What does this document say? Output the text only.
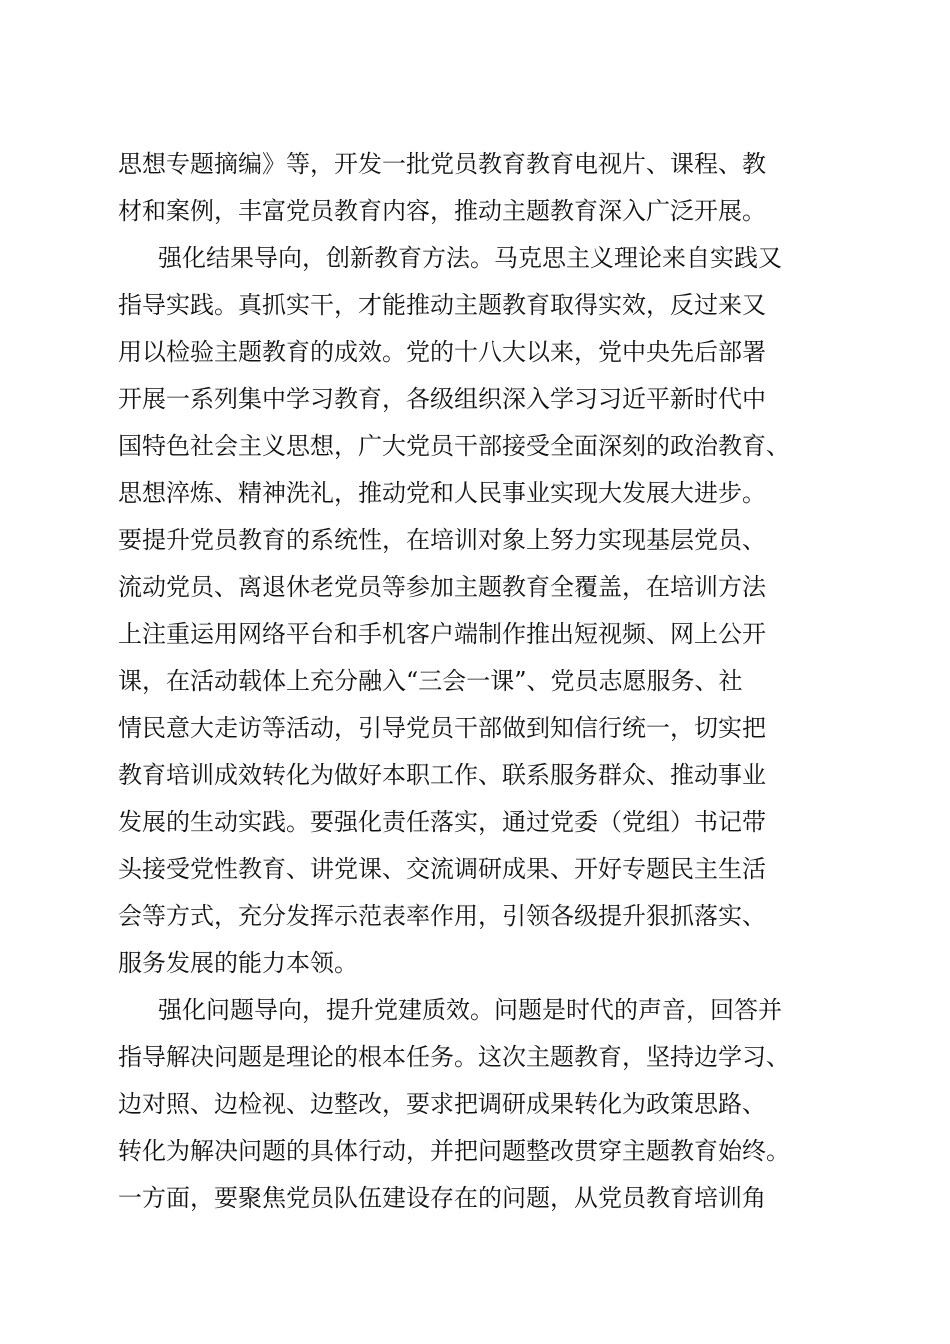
思想专题摘编》等，开发一批党员教育教育电视片、课程、教
材和案例，丰富党员教育内容，推动主题教育深入广泛开展。
强化结果导向，创新教育方法。马克思主义理论来自实践又
指导实践。真抓实干，才能推动主题教育取得实效，反过来又
用以检验主题教育的成效。党的十八大以来，党中央先后部署
开展一系列集中学习教育，各级组织深入学习习近平新时代中
国特色社会主义思想，广大党员干部接受全面深刻的政治教育、
思想淬炼、精神洗礼，推动党和人民事业实现大发展大进步。
要提升党员教育的系统性，在培训对象上努力实现基层党员、
流动党员、离退休老党员等参加主题教育全覆盖，在培训方法
上注重运用网络平台和手机客户端制作推出短视频、网上公开
课，在活动载体上充分融入“三会一课”、党员志愿服务、社
情民意大走访等活动，引导党员干部做到知信行统一，切实把
教育培训成效转化为做好本职工作、联系服务群众、推动事业
发展的生动实践。要强化责任落实，通过党委（党组）书记带
头接受党性教育、讲党课、交流调研成果、开好专题民主生活
会等方式，充分发挥示范表率作用，引领各级提升狠抓落实、
服务发展的能力本领。
强化问题导向，提升党建质效。问题是时代的声音，回答并
指导解决问题是理论的根本任务。这次主题教育，坚持边学习、
边对照、边检视、边整改，要求把调研成果转化为政策思路、
转化为解决问题的具体行动，并把问题整改贯穿主题教育始终。
一方面，要聚焦党员队伍建设存在的问题，从党员教育培训角
